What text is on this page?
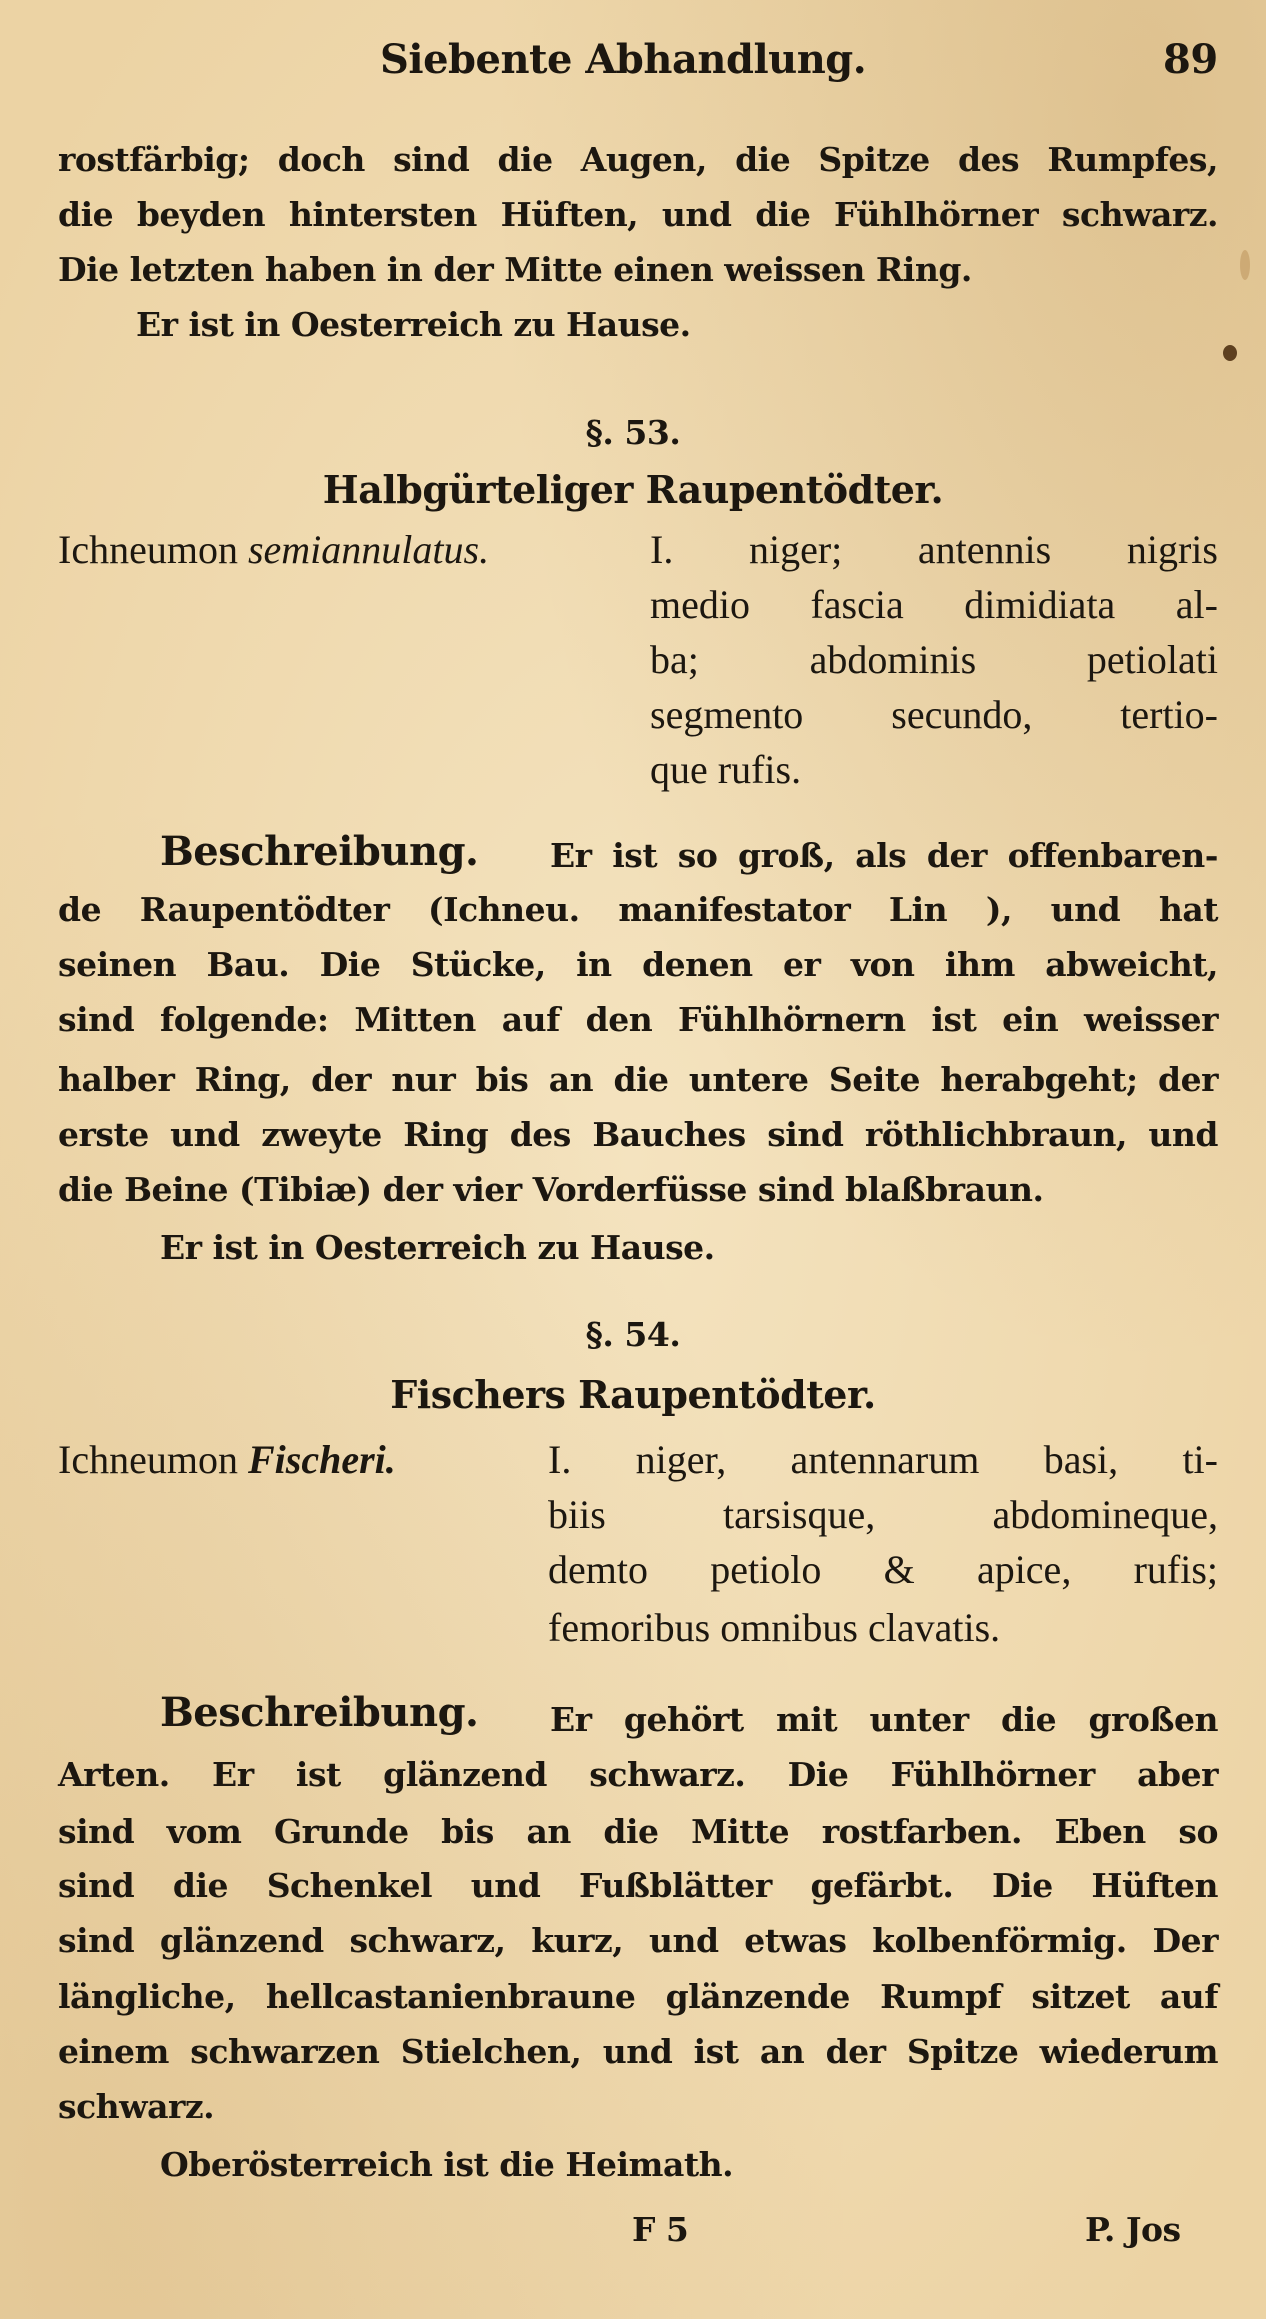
Siebente Abhandlung.	89
rostfärbig; doch sind die Augen, die Spitze des Rumpfes,
die beyden hintersten Hüften, und die Fühlhörner schwarz.
Die letzten haben in der Mitte einen weissen Ring.
Er ist in Oesterreich zu Hause.
§. 53.
Halbgürteliger Raupentödter.
Ichneumon semiannulatus.	I. niger; antennis nigris
medio fascia dimidiata al-
ba; abdominis petiolati
segmento secundo, tertio-
que rufis.
Beschreibung. Er ist so groß, als der offenbaren-
de Raupentödter (Ichneu. manifestator Lin ), und hat
seinen Bau. Die Stücke, in denen er von ihm abweicht,
sind folgende: Mitten auf den Fühlhörnern ist ein weisser
halber Ring, der nur bis an die untere Seite herabgeht; der
erste und zweyte Ring des Bauches sind röthlichbraun, und
die Beine (Tibiæ) der vier Vorderfüsse sind blaßbraun.
Er ist in Oesterreich zu Hause.
§. 54.
Fischers Raupentödter.
Ichneumon Fischeri.	I. niger, antennarum basi, ti-
biis tarsisque, abdomineque,
demto petiolo & apice, rufis;
femoribus omnibus clavatis.
Beschreibung. Er gehört mit unter die großen
Arten. Er ist glänzend schwarz. Die Fühlhörner aber
sind vom Grunde bis an die Mitte rostfarben. Eben so
sind die Schenkel und Fußblätter gefärbt. Die Hüften
sind glänzend schwarz, kurz, und etwas kolbenförmig. Der
längliche, hellcastanienbraune glänzende Rumpf sitzet auf
einem schwarzen Stielchen, und ist an der Spitze wiederum
schwarz.
Oberösterreich ist die Heimath.
F 5	P. Jos
